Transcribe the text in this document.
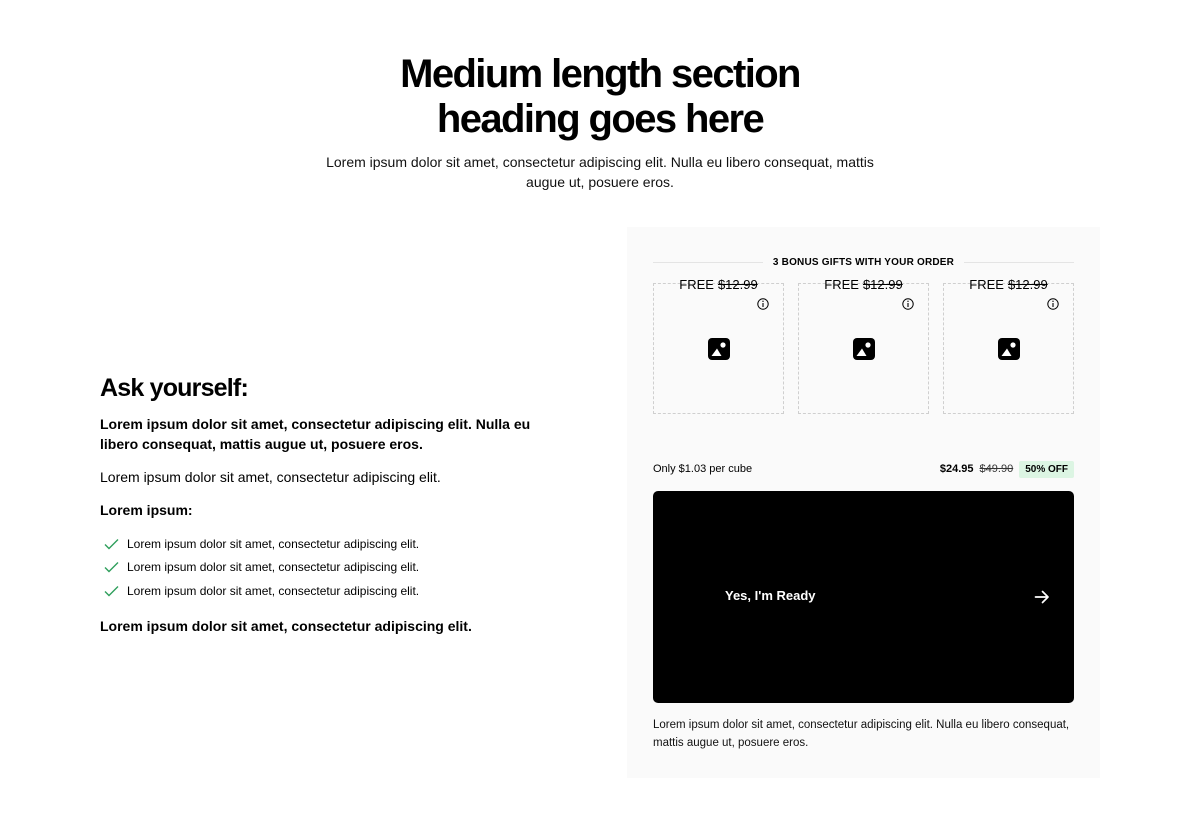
Medium length section heading goes here

Lorem ipsum dolor sit amet, consectetur adipiscing elit. Nulla eu libero consequat, mattis augue ut, posuere eros.

Ask yourself:

Lorem ipsum dolor sit amet, consectetur adipiscing elit. Nulla eu libero consequat, mattis augue ut, posuere eros.

Lorem ipsum dolor sit amet, consectetur adipiscing elit.

Lorem ipsum:

Lorem ipsum dolor sit amet, consectetur adipiscing elit.
Lorem ipsum dolor sit amet, consectetur adipiscing elit.
Lorem ipsum dolor sit amet, consectetur adipiscing elit.

Lorem ipsum dolor sit amet, consectetur adipiscing elit.

3 BONUS GIFTS WITH YOUR ORDER
FREE $12.99	FREE $12.99	FREE $12.99
Only $1.03 per cube	$24.95 $49.90	50% OFF
Yes, I'm Ready

Lorem ipsum dolor sit amet, consectetur adipiscing elit. Nulla eu libero consequat, mattis augue ut, posuere eros.
